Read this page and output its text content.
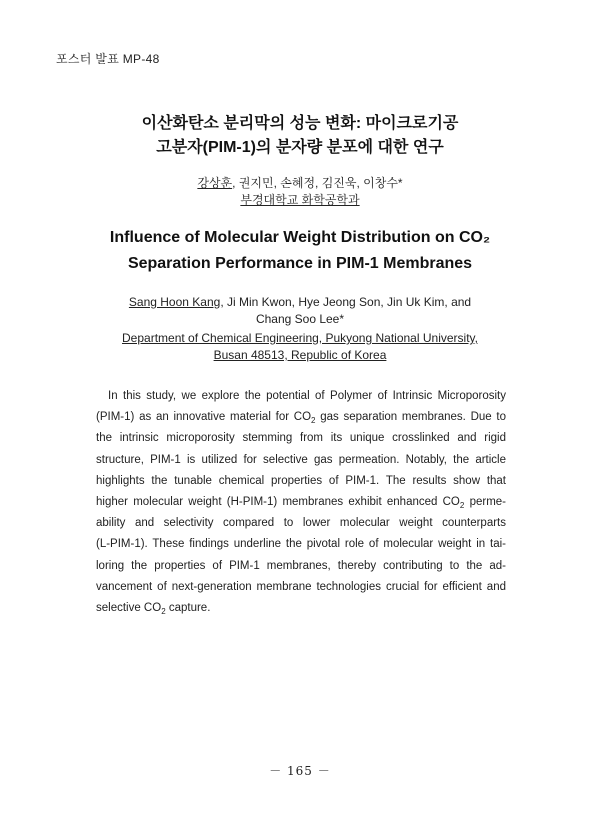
포스터 발표 MP-48
이산화탄소 분리막의 성능 변화: 마이크로기공
고분자(PIM-1)의 분자량 분포에 대한 연구
강상훈, 권지민, 손혜정, 김진욱, 이창수*
부경대학교 화학공학과
Influence of Molecular Weight Distribution on CO₂
Separation Performance in PIM-1 Membranes
Sang Hoon Kang, Ji Min Kwon, Hye Jeong Son, Jin Uk Kim, and
Chang Soo Lee*
Department of Chemical Engineering, Pukyong National University,
Busan 48513, Republic of Korea
In this study, we explore the potential of Polymer of Intrinsic Microporosity
(PIM-1) as an innovative material for $CO_2$ gas separation membranes. Due to
the intrinsic microporosity stemming from its unique crosslinked and rigid
structure, PIM-1 is utilized for selective gas permeation. Notably, the article
highlights the tunable chemical properties of PIM-1. The results show that
higher molecular weight (H-PIM-1) membranes exhibit enhanced $CO_2$ perme-
ability and selectivity compared to lower molecular weight counterparts
(L-PIM-1). These findings underline the pivotal role of molecular weight in tai-
loring the properties of PIM-1 membranes, thereby contributing to the ad-
vancement of next-generation membrane technologies crucial for efficient and
selective $CO_2$ capture.
－ 165 －
